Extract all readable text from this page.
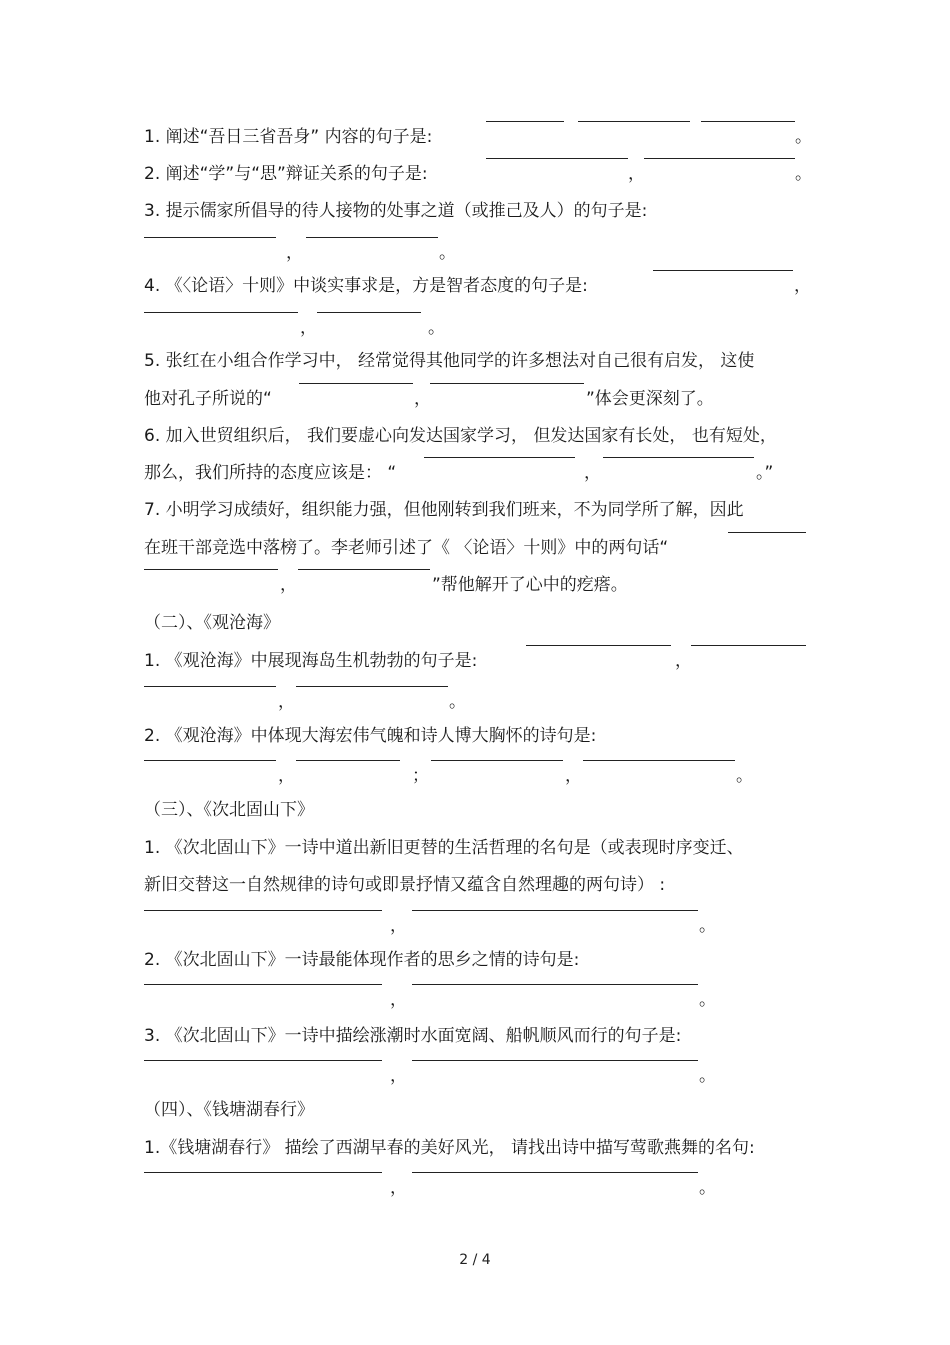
1. 阐述“吾日三省吾身” 内容的句子是:	。
2. 阐述“学”与“思”辩证关系的句子是:	，	。
3. 提示儒家所倡导的待人接物的处事之道（或推己及人）的句子是:
，	。
4. 《〈论语〉十则》中谈实事求是，方是智者态度的句子是:	，
，	。
5. 张红在小组合作学习中， 经常觉得其他同学的许多想法对自己很有启发， 这使
他对孔子所说的“	，	”体会更深刻了。
6. 加入世贸组织后， 我们要虚心向发达国家学习， 但发达国家有长处， 也有短处，
那么，我们所持的态度应该是： “	，	。”
7. 小明学习成绩好，组织能力强，但他刚转到我们班来，不为同学所了解，因此
在班干部竞选中落榜了。李老师引述了《 〈论语〉十则》中的两句话“
，	”帮他解开了心中的疙瘩。
（二）、《观沧海》
1. 《观沧海》中展现海岛生机勃勃的句子是:	，
，	。
2. 《观沧海》中体现大海宏伟气魄和诗人博大胸怀的诗句是:
，	；	，	。
（三）、《次北固山下》
1. 《次北固山下》一诗中道出新旧更替的生活哲理的名句是（或表现时序变迁、
新旧交替这一自然规律的诗句或即景抒情又蕴含自然理趣的两句诗） :
，	。
2. 《次北固山下》一诗最能体现作者的思乡之情的诗句是:
，	。
3. 《次北固山下》一诗中描绘涨潮时水面宽阔、船帆顺风而行的句子是:
，	。
（四）、《钱塘湖春行》
1.《钱塘湖春行》 描绘了西湖早春的美好风光， 请找出诗中描写莺歌燕舞的名句:
，	。
2 / 4
